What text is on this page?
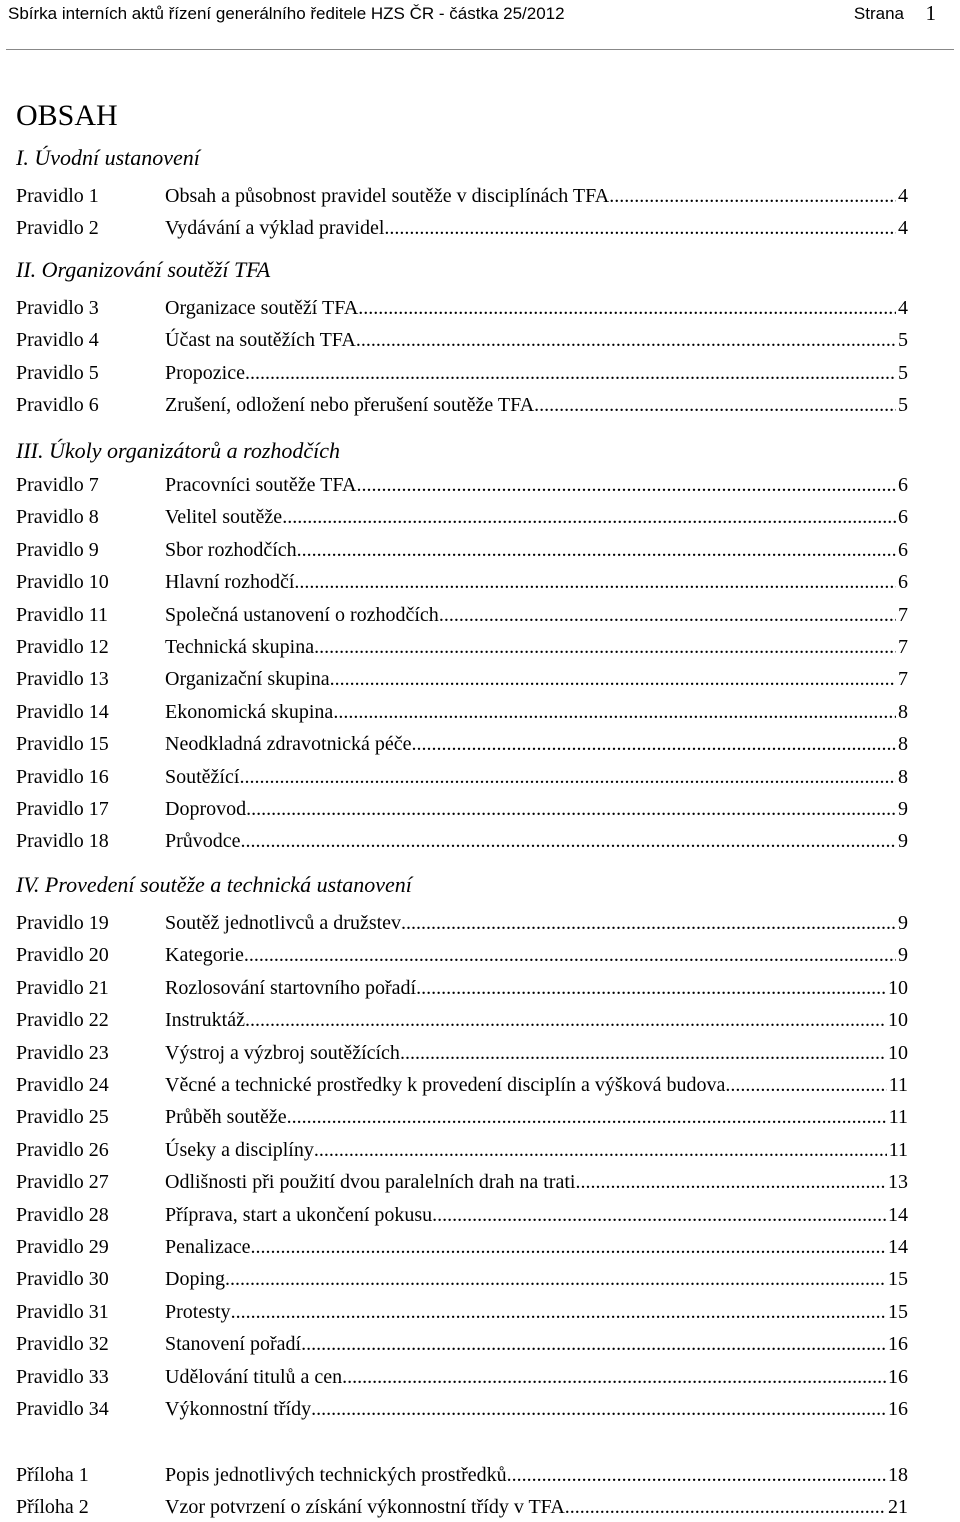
Sbírka interních aktů řízení generálního ředitele HZS ČR - částka 25/2012	Strana	1
OBSAH
I. Úvodní ustanovení
Pravidlo 1	Obsah a působnost pravidel soutěže v disciplínách TFA .....	4
Pravidlo 2	Vydávání a výklad pravidel .....	4
II. Organizování soutěží TFA
Pravidlo 3	Organizace soutěží TFA .....	4
Pravidlo 4	Účast na soutěžích TFA .....	5
Pravidlo 5	Propozice .....	5
Pravidlo 6	Zrušení, odložení nebo přerušení soutěže TFA .....	5
III. Úkoly organizátorů a rozhodčích
Pravidlo 7	Pracovníci soutěže TFA .....	6
Pravidlo 8	Velitel soutěže .....	6
Pravidlo 9	Sbor rozhodčích .....	6
Pravidlo 10	Hlavní rozhodčí .....	6
Pravidlo 11	Společná ustanovení o rozhodčích .....	7
Pravidlo 12	Technická skupina .....	7
Pravidlo 13	Organizační skupina .....	7
Pravidlo 14	Ekonomická skupina .....	8
Pravidlo 15	Neodkladná zdravotnická péče .....	8
Pravidlo 16	Soutěžící .....	8
Pravidlo 17	Doprovod .....	9
Pravidlo 18	Průvodce .....	9
IV. Provedení soutěže a technická ustanovení
Pravidlo 19	Soutěž jednotlivců a družstev .....	9
Pravidlo 20	Kategorie .....	9
Pravidlo 21	Rozlosování startovního pořadí .....	10
Pravidlo 22	Instruktáž .....	10
Pravidlo 23	Výstroj a výzbroj soutěžících .....	10
Pravidlo 24	Věcné a technické prostředky k provedení disciplín a výšková budova .....	11
Pravidlo 25	Průběh soutěže .....	11
Pravidlo 26	Úseky a disciplíny .....	11
Pravidlo 27	Odlišnosti při použití dvou paralelních drah na trati .....	13
Pravidlo 28	Příprava, start a ukončení pokusu .....	14
Pravidlo 29	Penalizace .....	14
Pravidlo 30	Doping .....	15
Pravidlo 31	Protesty .....	15
Pravidlo 32	Stanovení pořadí .....	16
Pravidlo 33	Udělování titulů a cen .....	16
Pravidlo 34	Výkonnostní třídy .....	16
Příloha 1	Popis jednotlivých technických prostředků .....	18
Příloha 2	Vzor potvrzení o získání výkonnostní třídy v TFA .....	21
